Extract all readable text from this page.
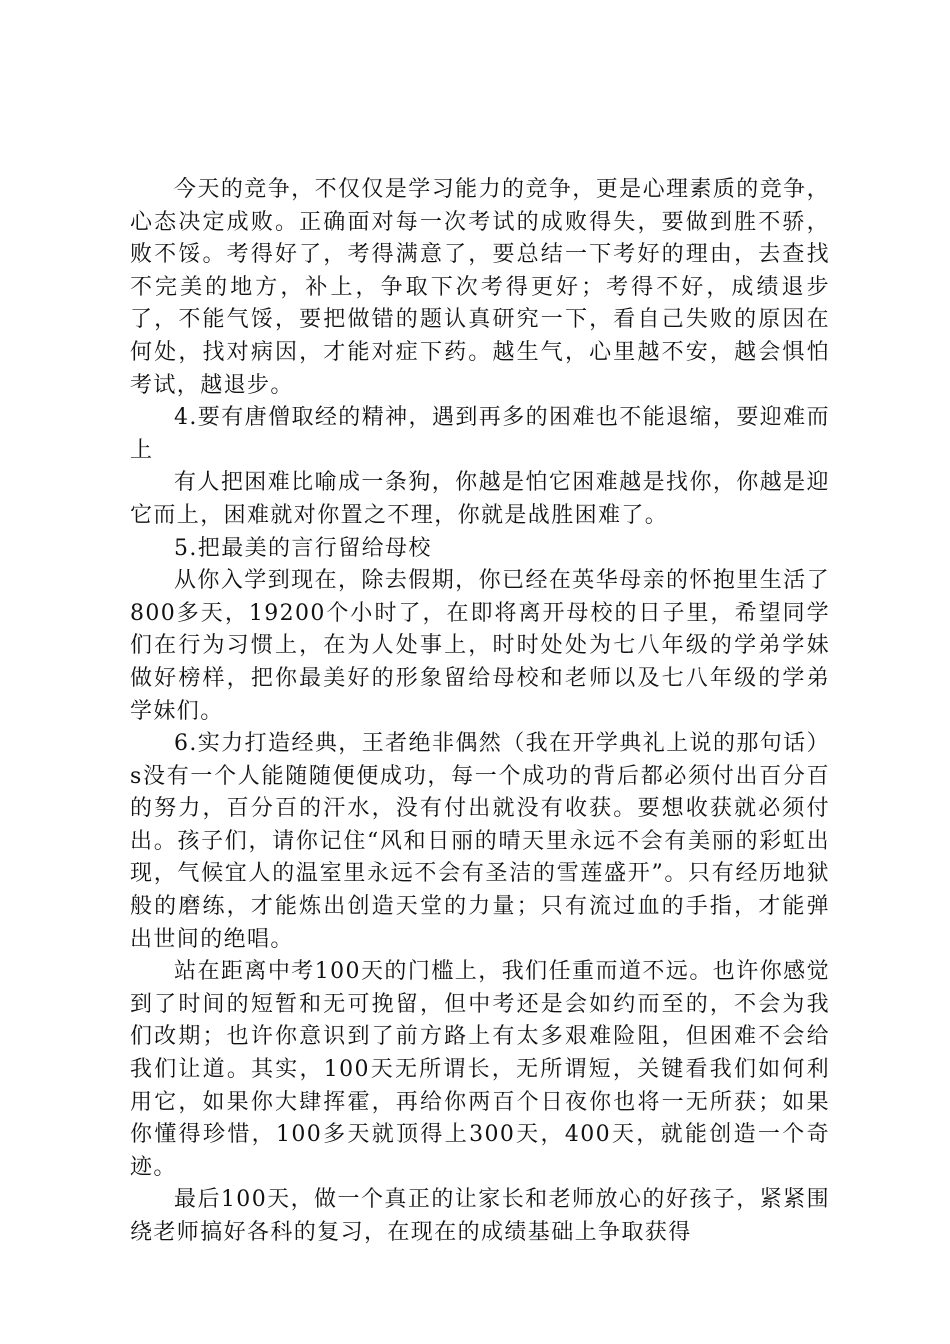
今天的竞争，不仅仅是学习能力的竞争，更是心理素质的竞争，心态决定成败。正确面对每一次考试的成败得失，要做到胜不骄，败不馁。考得好了，考得满意了，要总结一下考好的理由，去查找不完美的地方，补上，争取下次考得更好；考得不好，成绩退步了，不能气馁，要把做错的题认真研究一下，看自己失败的原因在何处，找对病因，才能对症下药。越生气，心里越不安，越会惧怕考试，越退步。

4.要有唐僧取经的精神，遇到再多的困难也不能退缩，要迎难而上

有人把困难比喻成一条狗，你越是怕它困难越是找你，你越是迎它而上，困难就对你置之不理，你就是战胜困难了。

5.把最美的言行留给母校

从你入学到现在，除去假期，你已经在英华母亲的怀抱里生活了800多天，19200个小时了，在即将离开母校的日子里，希望同学们在行为习惯上，在为人处事上，时时处处为七八年级的学弟学妹做好榜样，把你最美好的形象留给母校和老师以及七八年级的学弟学妹们。

6.实力打造经典，王者绝非偶然（我在开学典礼上说的那句话）s没有一个人能随随便便成功，每一个成功的背后都必须付出百分百的努力，百分百的汗水，没有付出就没有收获。要想收获就必须付出。孩子们，请你记住“风和日丽的晴天里永远不会有美丽的彩虹出现，气候宜人的温室里永远不会有圣洁的雪莲盛开”。只有经历地狱般的磨练，才能炼出创造天堂的力量；只有流过血的手指，才能弹出世间的绝唱。

站在距离中考100天的门槛上，我们任重而道不远。也许你感觉到了时间的短暂和无可挽留，但中考还是会如约而至的，不会为我们改期；也许你意识到了前方路上有太多艰难险阻，但困难不会给我们让道。其实，100天无所谓长，无所谓短，关键看我们如何利用它，如果你大肆挥霍，再给你两百个日夜你也将一无所获；如果你懂得珍惜，100多天就顶得上300天，400天，就能创造一个奇迹。

最后100天，做一个真正的让家长和老师放心的好孩子，紧紧围绕老师搞好各科的复习，在现在的成绩基础上争取获得
